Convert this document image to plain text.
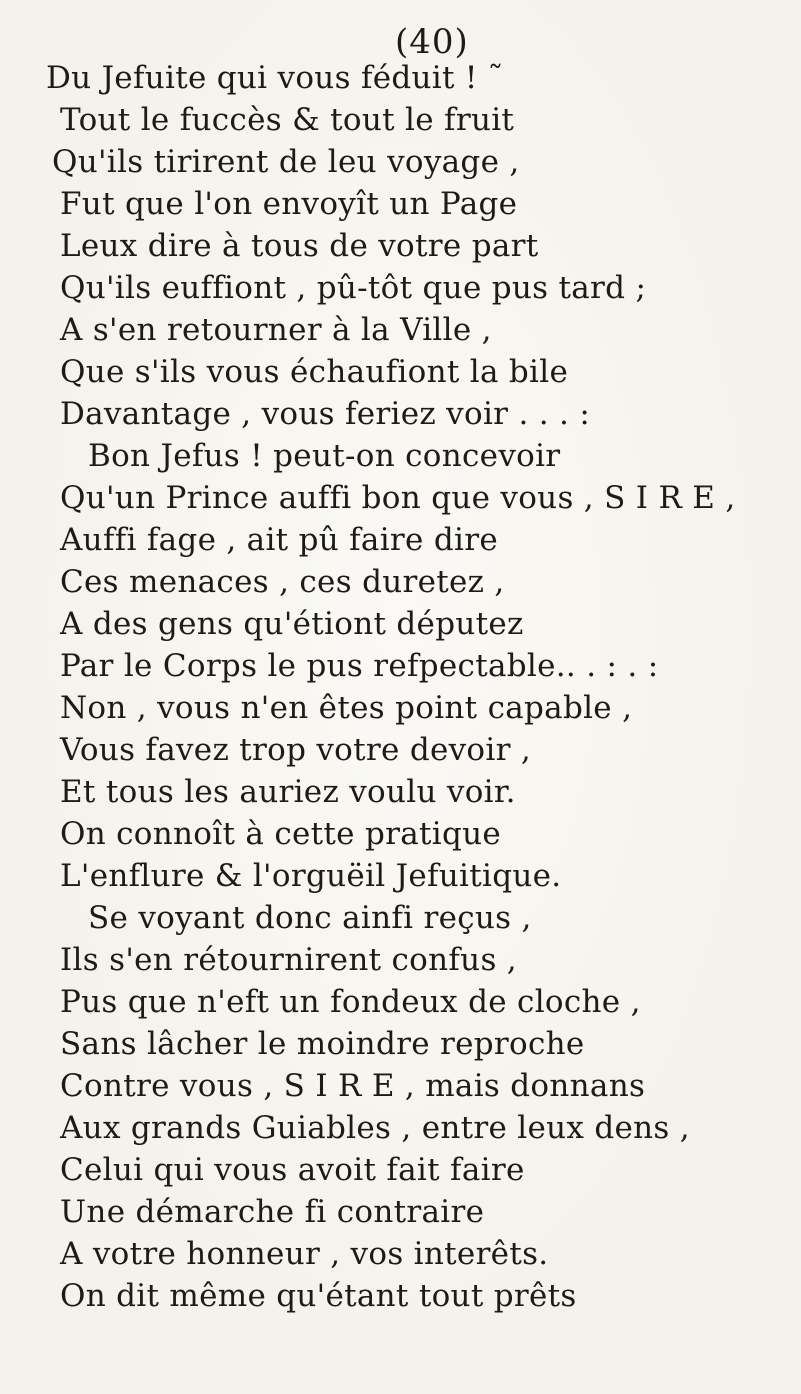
(40)
Du Jefuite qui vous féduit ! ˜
Tout le fuccès & tout le fruit
Qu'ils tirirent de leu voyage ,
Fut que l'on envoyît un Page
Leux dire à tous de votre part
Qu'ils euffiont , pû-tôt que pus tard ;
A s'en retourner à la Ville ,
Que s'ils vous échaufiont la bile
Davantage , vous feriez voir . . . :
Bon Jefus ! peut-on concevoir
Qu'un Prince auffi bon que vous , S I R E ,
Auffi fage , ait pû faire dire
Ces menaces , ces duretez ,
A des gens qu'étiont députez
Par le Corps le pus refpectable.. . : . :
Non , vous n'en êtes point capable ,
Vous favez trop votre devoir ,
Et tous les auriez voulu voir.
On connoît à cette pratique
L'enflure & l'orguëil Jefuitique.
Se voyant donc ainfi reçus ,
Ils s'en rétournirent confus ,
Pus que n'eft un fondeux de cloche ,
Sans lâcher le moindre reproche
Contre vous , S I R E , mais donnans
Aux grands Guiables , entre leux dens ,
Celui qui vous avoit fait faire
Une démarche fi contraire
A votre honneur , vos interêts.
On dit même qu'étant tout prêts
